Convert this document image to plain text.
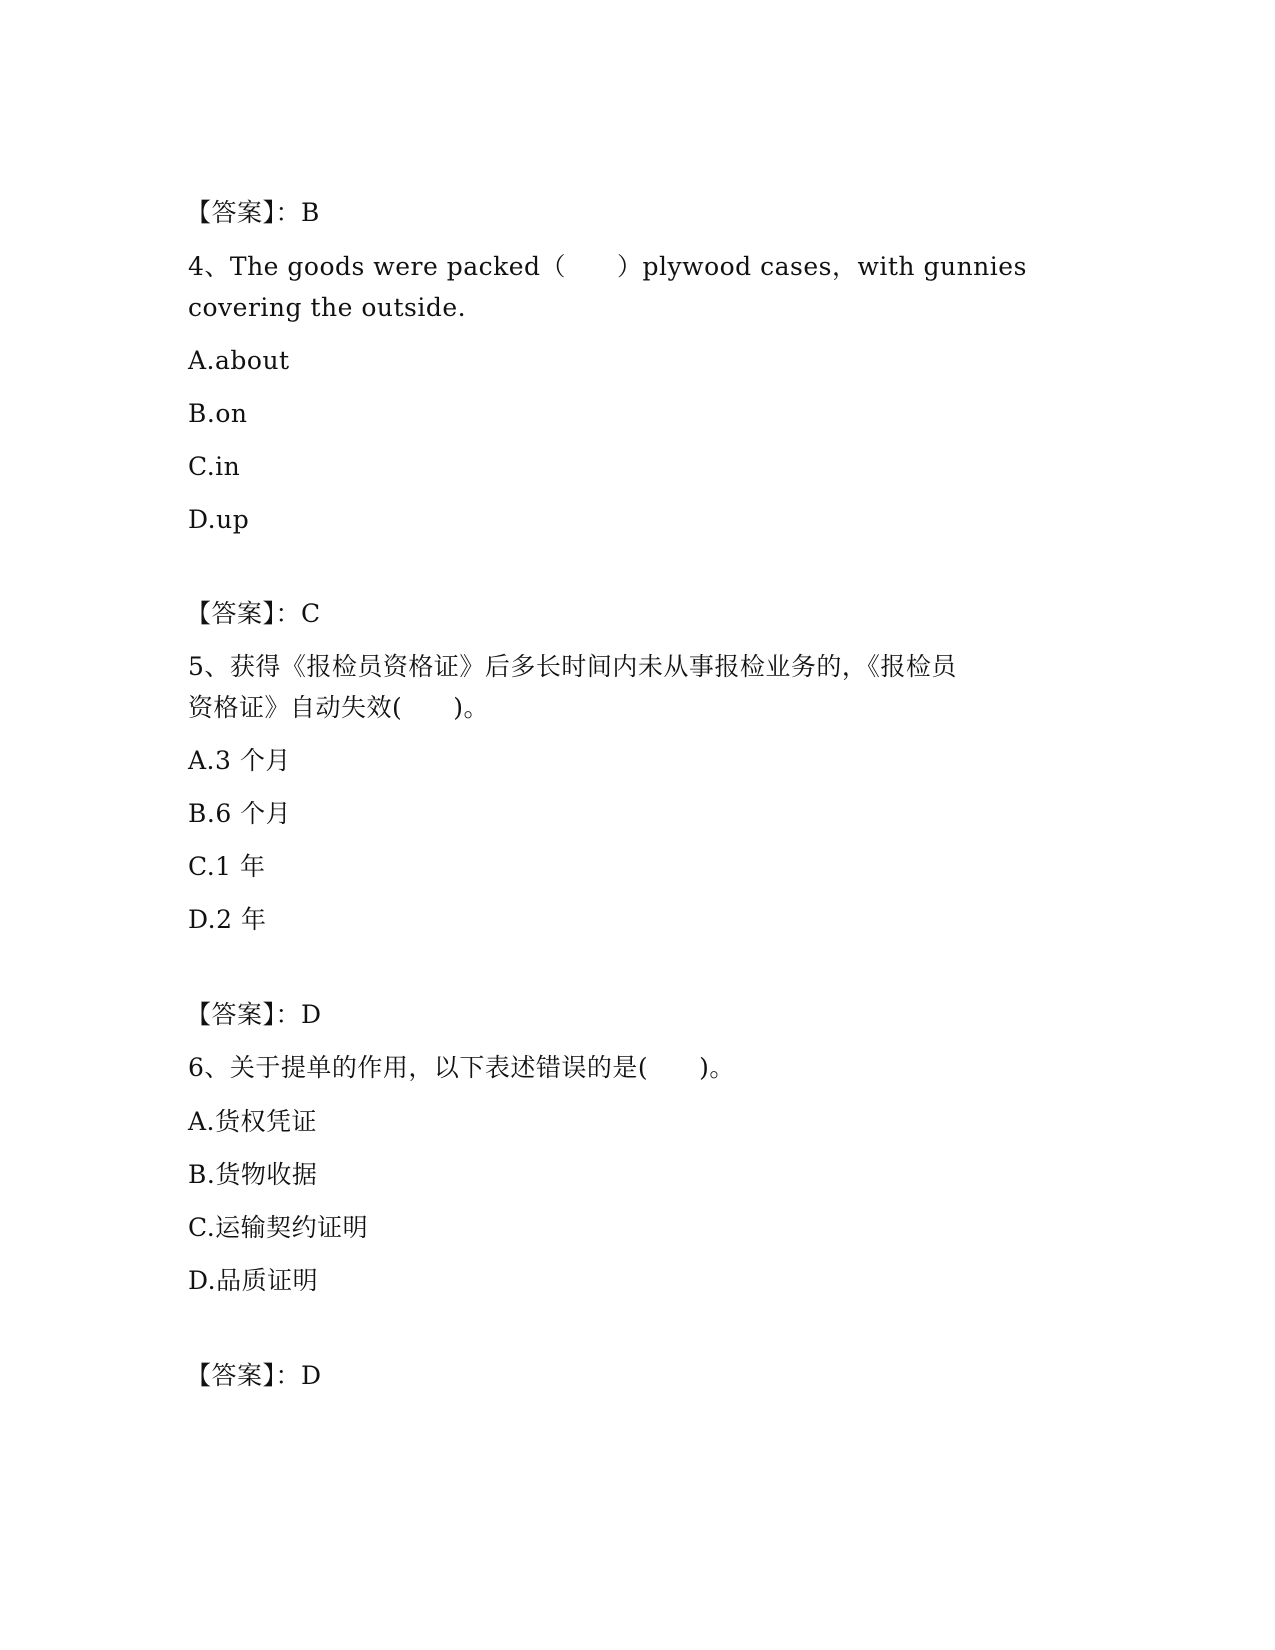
【答案】：B
4、The goods were packed（　　）plywood cases，with gunnies
covering the outside.
A.about
B.on
C.in
D.up
【答案】：C
5、获得《报检员资格证》后多长时间内未从事报检业务的，《报检员
资格证》自动失效(　　)。
A.3 个月
B.6 个月
C.1 年
D.2 年
【答案】：D
6、关于提单的作用，以下表述错误的是(　　)。
A.货权凭证
B.货物收据
C.运输契约证明
D.品质证明
【答案】：D
